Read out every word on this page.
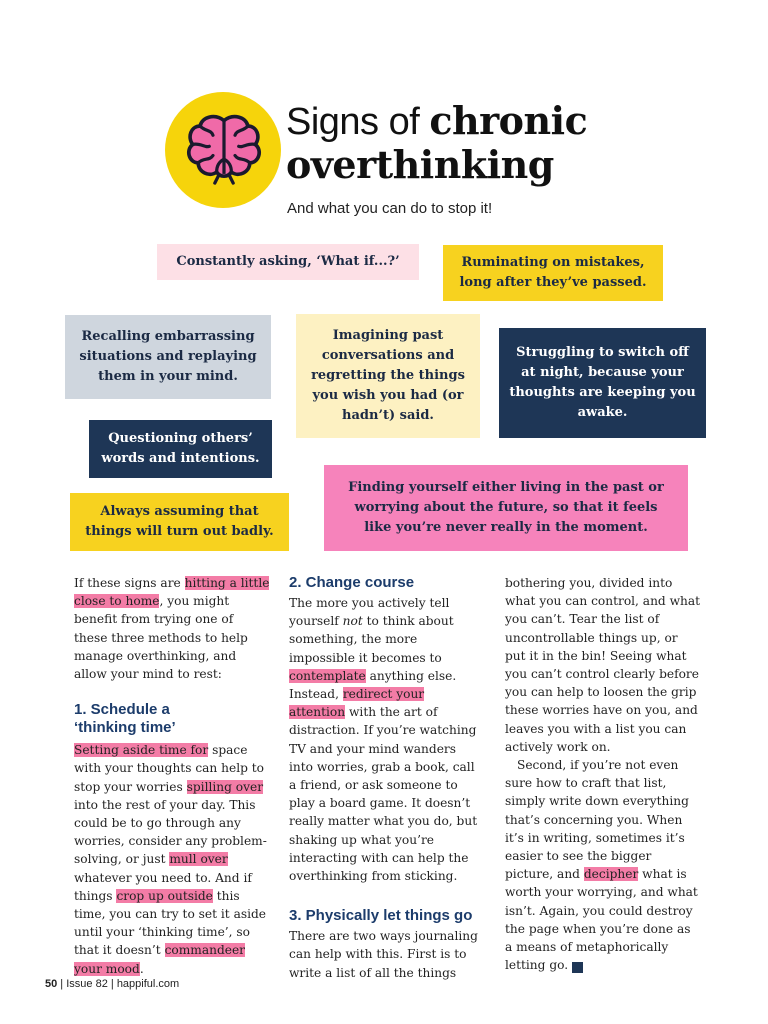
Signs of chronic
overthinking
And what you can do to stop it!
Constantly asking, ‘What if...?’	Ruminating on mistakes, long after they’ve passed.
Recalling embarrassing situations and replaying them in your mind.
Imagining past conversations and regretting the things you wish you had (or hadn’t) said.
Struggling to switch off at night, because your thoughts are keeping you awake.
Questioning others’ words and intentions.
Finding yourself either living in the past or worrying about the future, so that it feels like you’re never really in the moment.
Always assuming that things will turn out badly.

If these signs are hitting a little close to home, you might benefit from trying one of these three methods to help manage overthinking, and allow your mind to rest:

1. Schedule a ‘thinking time’

Setting aside time for space with your thoughts can help to stop your worries spilling over into the rest of your day. This could be to go through any worries, consider any problem-solving, or just mull over whatever you need to. And if things crop up outside this time, you can try to set it aside until your ‘thinking time’, so that it doesn’t commandeer your mood.

2. Change course

The more you actively tell yourself not to think about something, the more impossible it becomes to contemplate anything else. Instead, redirect your attention with the art of distraction. If you’re watching TV and your mind wanders into worries, grab a book, call a friend, or ask someone to play a board game. It doesn’t really matter what you do, but shaking up what you’re interacting with can help the overthinking from sticking.

3. Physically let things go

There are two ways journaling can help with this. First is to write a list of all the things

bothering you, divided into what you can control, and what you can’t. Tear the list of uncontrollable things up, or put it in the bin! Seeing what you can’t control clearly before you can help to loosen the grip these worries have on you, and leaves you with a list you can actively work on.

Second, if you’re not even sure how to craft that list, simply write down everything that’s concerning you. When it’s in writing, sometimes it’s easier to see the bigger picture, and decipher what is worth your worrying, and what isn’t. Again, you could destroy the page when you’re done as a means of metaphorically letting go. h

50 | Issue 82 | happiful.com
